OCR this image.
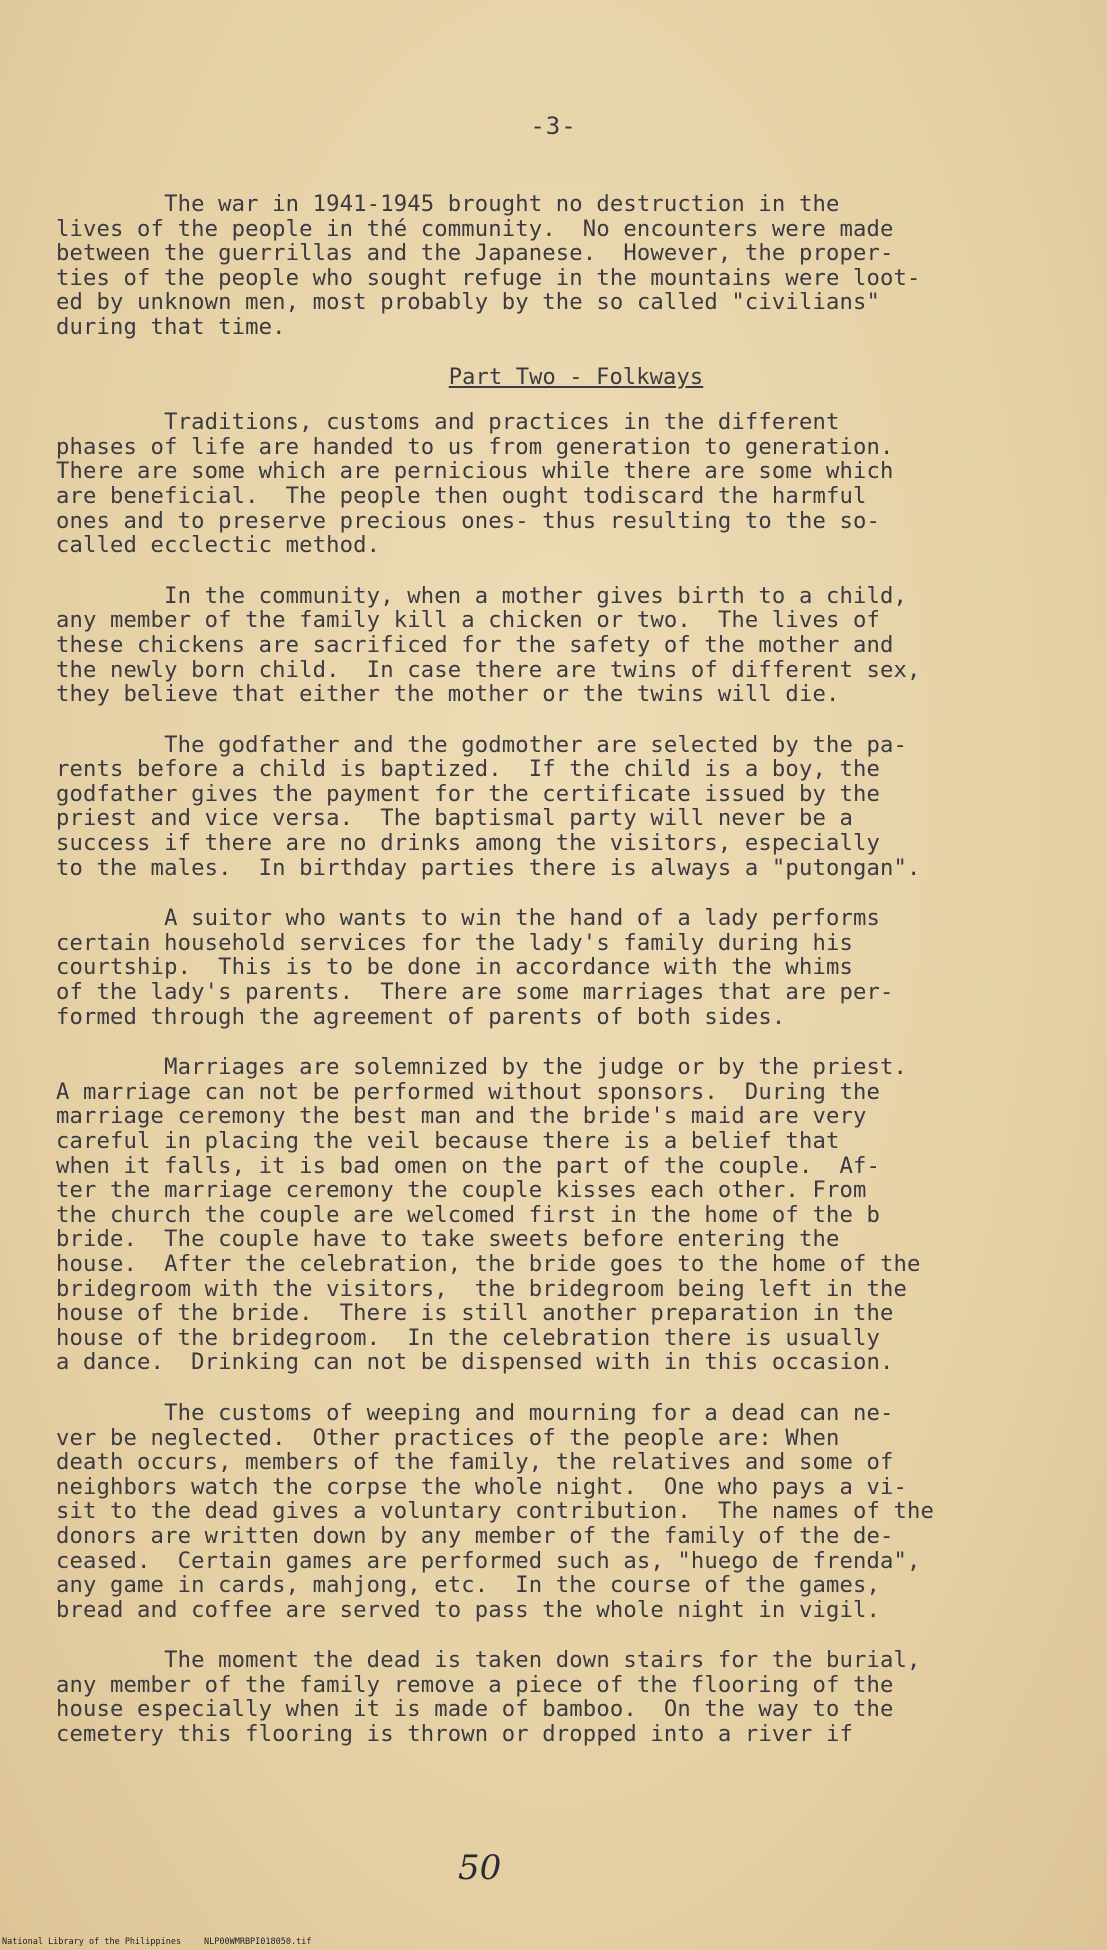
-3-
The war in 1941-1945 brought no destruction in the
lives of the people in thé community.  No encounters were made
between the guerrillas and the Japanese.  However, the proper-
ties of the people who sought refuge in the mountains were loot-
ed by unknown men, most probably by the so called "civilians"
during that time.
Part Two - Folkways
Traditions, customs and practices in the different
phases of life are handed to us from generation to generation.
There are some which are pernicious while there are some which
are beneficial.  The people then ought todiscard the harmful
ones and to preserve precious ones- thus resulting to the so-
called ecclectic method.
In the community, when a mother gives birth to a child,
any member of the family kill a chicken or two.  The lives of
these chickens are sacrificed for the safety of the mother and
the newly born child.  In case there are twins of different sex,
they believe that either the mother or the twins will die.
The godfather and the godmother are selected by the pa-
rents before a child is baptized.  If the child is a boy, the
godfather gives the payment for the certificate issued by the
priest and vice versa.  The baptismal party will never be a
success if there are no drinks among the visitors, especially
to the males.  In birthday parties there is always a "putongan".
A suitor who wants to win the hand of a lady performs
certain household services for the lady's family during his
courtship.  This is to be done in accordance with the whims
of the lady's parents.  There are some marriages that are per-
formed through the agreement of parents of both sides.
Marriages are solemnized by the judge or by the priest.
A marriage can not be performed without sponsors.  During the
marriage ceremony the best man and the bride's maid are very
careful in placing the veil because there is a belief that
when it falls, it is bad omen on the part of the couple.  Af-
ter the marriage ceremony the couple kisses each other. From
the church the couple are welcomed first in the home of the b
bride.  The couple have to take sweets before entering the
house.  After the celebration, the bride goes to the home of the
bridegroom with the visitors,  the bridegroom being left in the
house of the bride.  There is still another preparation in the
house of the bridegroom.  In the celebration there is usually
a dance.  Drinking can not be dispensed with in this occasion.
The customs of weeping and mourning for a dead can ne-
ver be neglected.  Other practices of the people are: When
death occurs, members of the family, the relatives and some of
neighbors watch the corpse the whole night.  One who pays a vi-
sit to the dead gives a voluntary contribution.  The names of the
donors are written down by any member of the family of the de-
ceased.  Certain games are performed such as, "huego de frenda",
any game in cards, mahjong, etc.  In the course of the games,
bread and coffee are served to pass the whole night in vigil.
The moment the dead is taken down stairs for the burial,
any member of the family remove a piece of the flooring of the
house especially when it is made of bamboo.  On the way to the
cemetery this flooring is thrown or dropped into a river if
50
National Library of the Philippines	NLP00WMRBPI018050.tif
